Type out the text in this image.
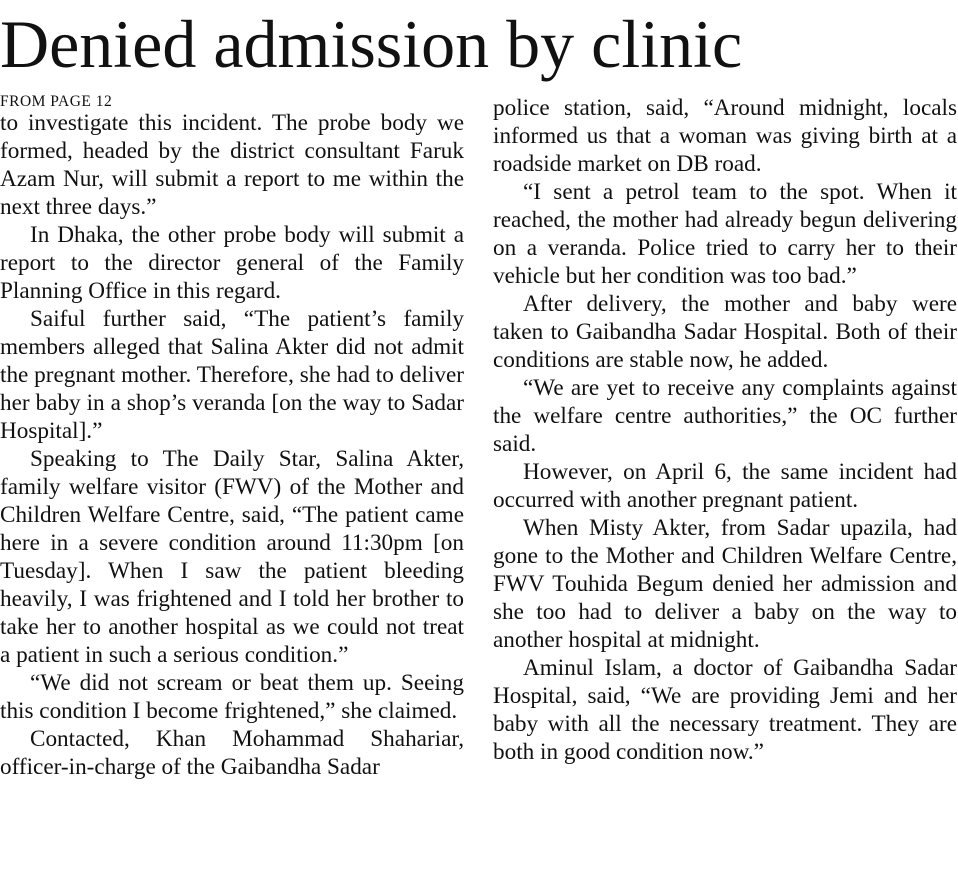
Denied admission by clinic
FROM PAGE 12

to investigate this incident. The probe body we formed, headed by the district consultant Faruk Azam Nur, will submit a report to me within the next three days.”

In Dhaka, the other probe body will submit a report to the director general of the Family Planning Office in this regard.

Saiful further said, “The patient’s family members alleged that Salina Akter did not admit the pregnant mother. Therefore, she had to deliver her baby in a shop’s veranda [on the way to Sadar Hospital].”

Speaking to The Daily Star, Salina Akter, family welfare visitor (FWV) of the Mother and Children Welfare Centre, said, “The patient came here in a severe condition around 11:30pm [on Tuesday]. When I saw the patient bleeding heavily, I was frightened and I told her brother to take her to another hospital as we could not treat a patient in such a serious condition.”

“We did not scream or beat them up. Seeing this condition I become frightened,” she claimed.

Contacted, Khan Mohammad Shahariar, officer-in-charge of the Gaibandha Sadar

police station, said, “Around midnight, locals informed us that a woman was giving birth at a roadside market on DB road.

“I sent a petrol team to the spot. When it reached, the mother had already begun delivering on a veranda. Police tried to carry her to their vehicle but her condition was too bad.”

After delivery, the mother and baby were taken to Gaibandha Sadar Hospital. Both of their conditions are stable now, he added.

“We are yet to receive any complaints against the welfare centre authorities,” the OC further said.

However, on April 6, the same incident had occurred with another pregnant patient.

When Misty Akter, from Sadar upazila, had gone to the Mother and Children Welfare Centre, FWV Touhida Begum denied her admission and she too had to deliver a baby on the way to another hospital at midnight.

Aminul Islam, a doctor of Gaibandha Sadar Hospital, said, “We are providing Jemi and her baby with all the necessary treatment. They are both in good condition now.”
